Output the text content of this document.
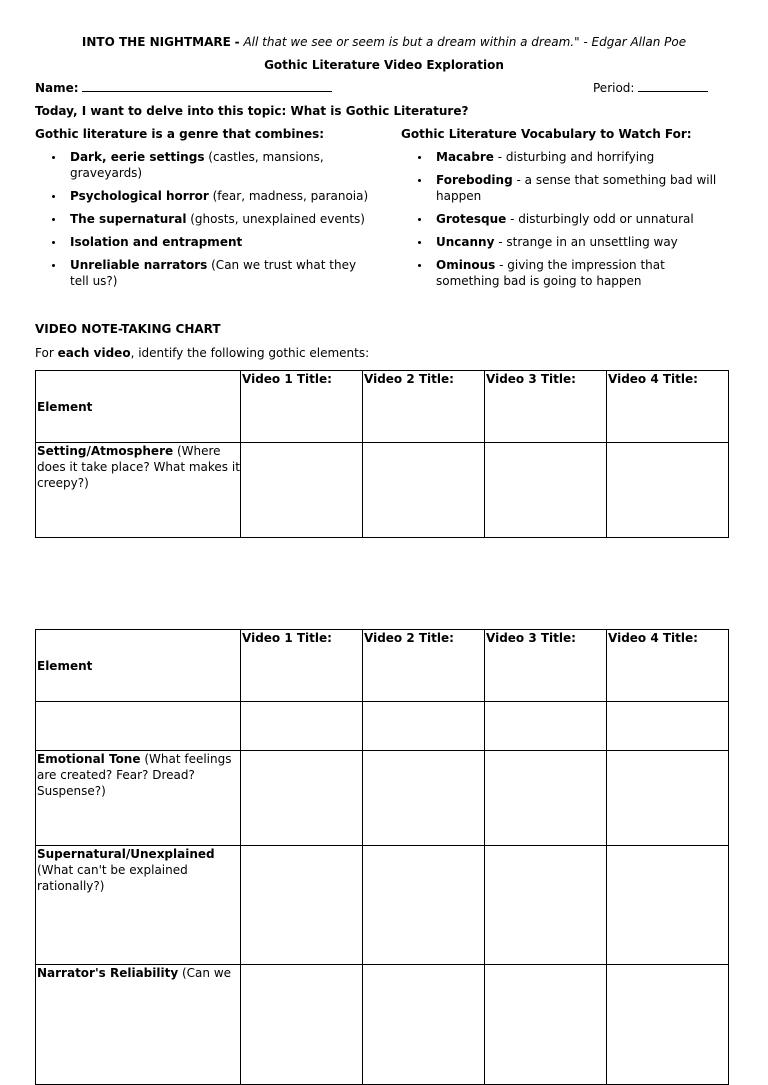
INTO THE NIGHTMARE - All that we see or seem is but a dream within a dream." - Edgar Allan Poe
Gothic Literature Video Exploration
Name:	Period:
Today, I want to delve into this topic: What is Gothic Literature?
Gothic literature is a genre that combines:
Dark, eerie settings (castles, mansions, graveyards)
Psychological horror (fear, madness, paranoia)
The supernatural (ghosts, unexplained events)
Isolation and entrapment
Unreliable narrators (Can we trust what they tell us?)
Gothic Literature Vocabulary to Watch For:
Macabre - disturbing and horrifying
Foreboding - a sense that something bad will happen
Grotesque - disturbingly odd or unnatural
Uncanny - strange in an unsettling way
Ominous - giving the impression that something bad is going to happen
VIDEO NOTE-TAKING CHART
For each video, identify the following gothic elements:
Element	Video 1 Title:	Video 2 Title:	Video 3 Title:	Video 4 Title:
Setting/Atmosphere (Where does it take place? What makes it creepy?)				
Element	Video 1 Title:	Video 2 Title:	Video 3 Title:	Video 4 Title:

Emotional Tone (What feelings are created? Fear? Dread? Suspense?)				
Supernatural/Unexplained (What can't be explained rationally?)				
Narrator's Reliability (Can we				
